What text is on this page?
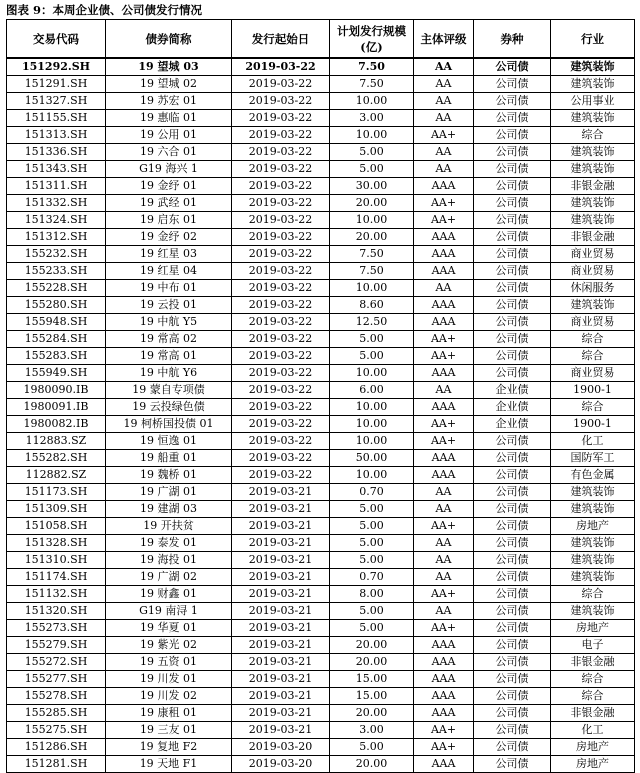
图表 9：本周企业债、公司债发行情况
交易代码	债券简称	发行起始日	计划发行规模(亿)	主体评级	券种	行业
151292.SH	19 望城 03	2019-03-22	7.50	AA	公司债	建筑装饰
151291.SH	19 望城 02	2019-03-22	7.50	AA	公司债	建筑装饰
151327.SH	19 苏宏 01	2019-03-22	10.00	AA	公司债	公用事业
151155.SH	19 惠临 01	2019-03-22	3.00	AA	公司债	建筑装饰
151313.SH	19 公用 01	2019-03-22	10.00	AA+	公司债	综合
151336.SH	19 六合 01	2019-03-22	5.00	AA	公司债	建筑装饰
151343.SH	G19 海兴 1	2019-03-22	5.00	AA	公司债	建筑装饰
151311.SH	19 金纾 01	2019-03-22	30.00	AAA	公司债	非银金融
151332.SH	19 武经 01	2019-03-22	20.00	AA+	公司债	建筑装饰
151324.SH	19 启东 01	2019-03-22	10.00	AA+	公司债	建筑装饰
151312.SH	19 金纾 02	2019-03-22	20.00	AAA	公司债	非银金融
155232.SH	19 红星 03	2019-03-22	7.50	AAA	公司债	商业贸易
155233.SH	19 红星 04	2019-03-22	7.50	AAA	公司债	商业贸易
155228.SH	19 中布 01	2019-03-22	10.00	AA	公司债	休闲服务
155280.SH	19 云投 01	2019-03-22	8.60	AAA	公司债	建筑装饰
155948.SH	19 中航 Y5	2019-03-22	12.50	AAA	公司债	商业贸易
155284.SH	19 常高 02	2019-03-22	5.00	AA+	公司债	综合
155283.SH	19 常高 01	2019-03-22	5.00	AA+	公司债	综合
155949.SH	19 中航 Y6	2019-03-22	10.00	AAA	公司债	商业贸易
1980090.IB	19 蒙自专项债	2019-03-22	6.00	AA	企业债	1900-1
1980091.IB	19 云投绿色债	2019-03-22	10.00	AAA	企业债	综合
1980082.IB	19 柯桥国投债 01	2019-03-22	10.00	AA+	企业债	1900-1
112883.SZ	19 恒逸 01	2019-03-22	10.00	AA+	公司债	化工
155282.SH	19 船重 01	2019-03-22	50.00	AAA	公司债	国防军工
112882.SZ	19 魏桥 01	2019-03-22	10.00	AAA	公司债	有色金属
151173.SH	19 广湖 01	2019-03-21	0.70	AA	公司债	建筑装饰
151309.SH	19 建湖 03	2019-03-21	5.00	AA	公司债	建筑装饰
151058.SH	19 开扶贫	2019-03-21	5.00	AA+	公司债	房地产
151328.SH	19 泰发 01	2019-03-21	5.00	AA	公司债	建筑装饰
151310.SH	19 海投 01	2019-03-21	5.00	AA	公司债	建筑装饰
151174.SH	19 广湖 02	2019-03-21	0.70	AA	公司债	建筑装饰
151132.SH	19 财鑫 01	2019-03-21	8.00	AA+	公司债	综合
151320.SH	G19 南浔 1	2019-03-21	5.00	AA	公司债	建筑装饰
155273.SH	19 华夏 01	2019-03-21	5.00	AA+	公司债	房地产
155279.SH	19 紫光 02	2019-03-21	20.00	AAA	公司债	电子
155272.SH	19 五资 01	2019-03-21	20.00	AAA	公司债	非银金融
155277.SH	19 川发 01	2019-03-21	15.00	AAA	公司债	综合
155278.SH	19 川发 02	2019-03-21	15.00	AAA	公司债	综合
155285.SH	19 康租 01	2019-03-21	20.00	AAA	公司债	非银金融
155275.SH	19 三友 01	2019-03-21	3.00	AA+	公司债	化工
151286.SH	19 复地 F2	2019-03-20	5.00	AA+	公司债	房地产
151281.SH	19 天地 F1	2019-03-20	20.00	AAA	公司债	房地产
